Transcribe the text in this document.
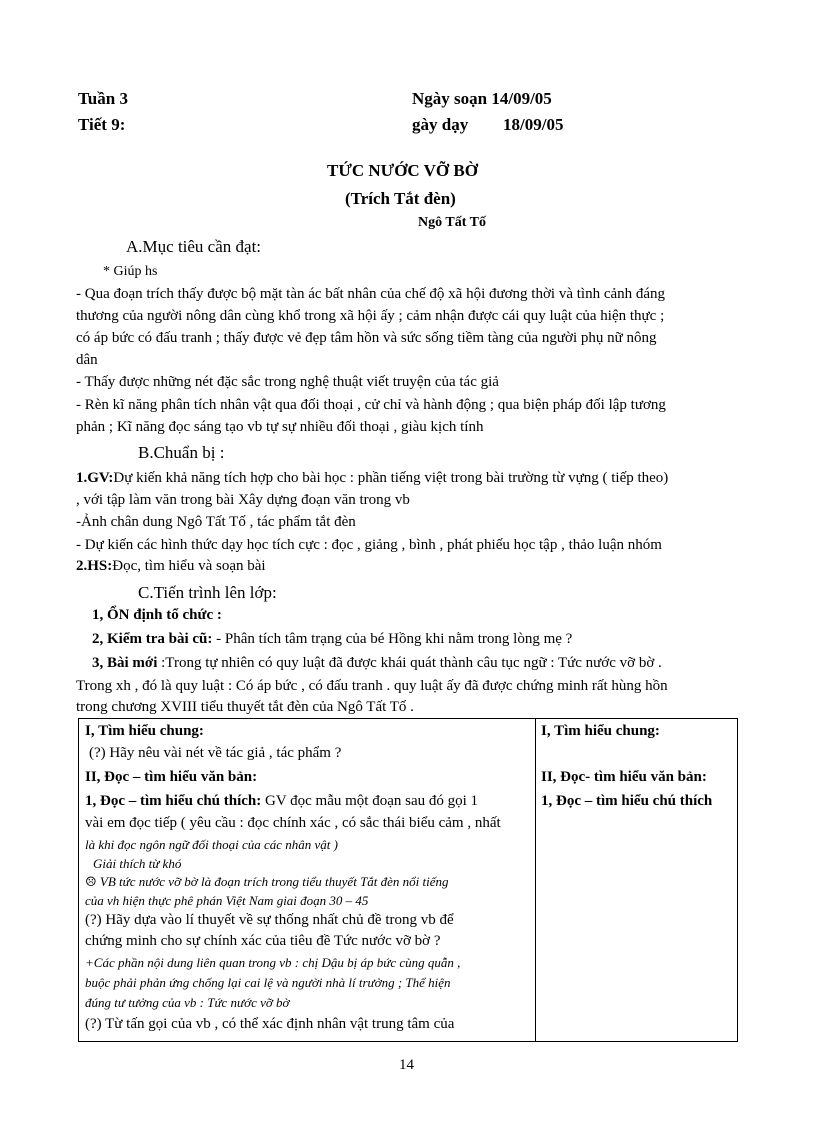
Tuần 3
Tiết 9:
Ngày soạn 14/09/05
gày dạy 18/09/05
TỨC NƯỚC VỠ BỜ
(Trích Tắt đèn)
Ngô Tất Tố
A.Mục tiêu cần đạt:
* Giúp hs
- Qua đoạn trích thấy được bộ mặt tàn ác bất nhân của chế độ xã hội đương thời và tình cảnh đáng
thương của người nông dân cùng khổ trong xã hội ấy ; cảm nhận được cái quy luật của hiện thực ;
có áp bức có đấu tranh ; thấy được vẻ đẹp tâm hồn và sức sống tiềm tàng của người phụ nữ nông
dân
- Thấy được những nét đặc sắc trong nghệ thuật viết truyện của tác giả
- Rèn kĩ năng phân tích nhân vật qua đối thoại , cử chỉ và hành động ; qua biện pháp đối lập tương
phản ; Kĩ năng đọc sáng tạo vb tự sự nhiều đối thoại , giàu kịch tính
B.Chuẩn bị :
1.GV:Dự kiến khả năng tích hợp cho bài học : phần tiếng việt trong bài trường từ vựng ( tiếp theo)
, với tập làm văn trong bài Xây dựng đoạn văn trong vb
-Ảnh chân dung Ngô Tất Tố , tác phẩm tắt đèn
- Dự kiến các hình thức dạy học tích cực : đọc , giảng , bình , phát phiếu học tập , thảo luận nhóm
2.HS:Đọc, tìm hiểu và soạn bài
C.Tiến trình lên lớp:
1, ỔN định tổ chức :
2, Kiểm tra bài cũ: - Phân tích tâm trạng của bé Hồng khi nằm trong lòng mẹ ?
3, Bài mới :Trong tự nhiên có quy luật đã được khái quát thành câu tục ngữ : Tức nước vỡ bờ .
Trong xh , đó là quy luật : Có áp bức , có đấu tranh . quy luật ấy đã được chứng minh rất hùng hồn
trong chương XVIII tiểu thuyết tắt đèn của Ngô Tất Tố .
I, Tìm hiểu chung:
(?) Hãy nêu vài nét về tác giả , tác phẩm ?
II, Đọc – tìm hiểu văn bản:
1, Đọc – tìm hiểu chú thích: GV đọc mẫu một đoạn sau đó gọi 1
vài em đọc tiếp ( yêu cầu : đọc chính xác , có sắc thái biểu cảm , nhất
là khi đọc ngôn ngữ đối thoại của các nhân vật )
Giải thích từ khó
☹ VB tức nước vỡ bờ là đoạn trích trong tiểu thuyết Tắt đèn nổi tiếng
của vh hiện thực phê phán Việt Nam giai đoạn 30 – 45
(?) Hãy dựa vào lí thuyết về sự thống nhất chủ đề trong vb để
chứng minh cho sự chính xác của tiêu đề Tức nước vỡ bờ ?
+Các phần nội dung liên quan trong vb : chị Dậu bị áp bức cùng quẫn ,
buộc phải phản ứng chống lại cai lệ và người nhà lí trưởng ; Thể hiện
đúng tư tưởng của vb : Tức nước vỡ bờ
(?) Từ tấn gọi của vb , có thể xác định nhân vật trung tâm của
I, Tìm hiểu chung:
II, Đọc- tìm hiểu văn bản:
1, Đọc – tìm hiểu chú thích
14
